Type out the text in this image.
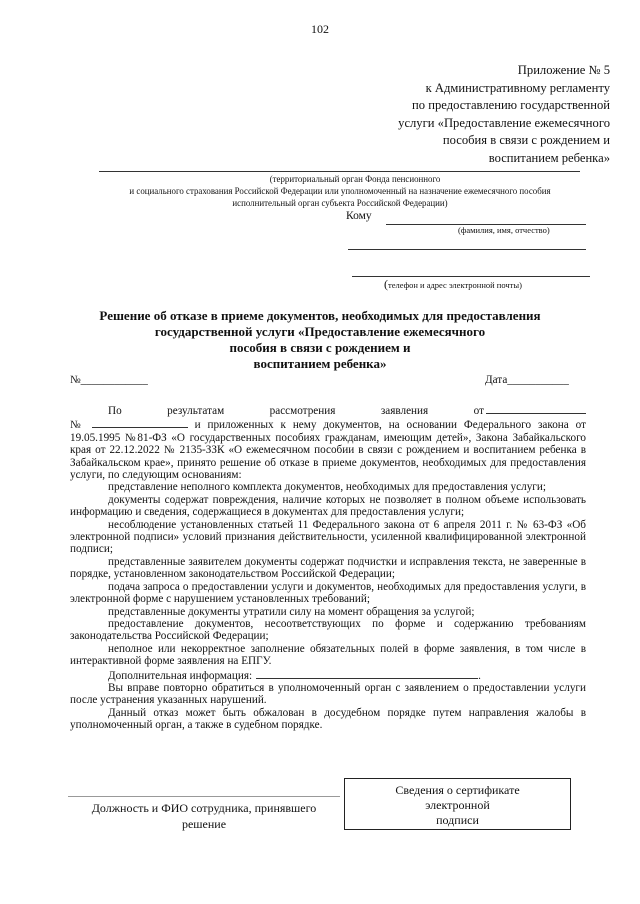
102
Приложение № 5
к Административному регламенту
по предоставлению государственной
услуги «Предоставление ежемесячного
пособия в связи с рождением и
воспитанием ребенка»
(территориальный орган Фонда пенсионного
и социального страхования Российской Федерации или уполномоченный на назначение ежемесячного пособия
исполнительный орган субъекта Российской Федерации)
Кому
(фамилия, имя, отчество)
(телефон и адрес электронной почты)
Решение об отказе в приеме документов, необходимых для предоставления
государственной услуги «Предоставление ежемесячного
пособия в связи с рождением и
воспитанием ребенка»
№____________	Дата___________

По результатам рассмотрения заявления от

№	и приложенных к нему документов, на основании Федерального закона от 19.05.1995 №81-ФЗ «О государственных пособиях гражданам, имеющим детей», Закона Забайкальского края от 22.12.2022 № 2135-ЗЗК «О ежемесячном пособии в связи с рождением и воспитанием ребенка в Забайкальском крае», принято решение об отказе в приеме документов, необходимых для предоставления услуги, по следующим основаниям:

представление неполного комплекта документов, необходимых для предоставления услуги;

документы содержат повреждения, наличие которых не позволяет в полном объеме использовать информацию и сведения, содержащиеся в документах для предоставления услуги;

несоблюдение установленных статьей 11 Федерального закона от 6 апреля 2011 г. № 63-ФЗ «Об электронной подписи» условий признания действительности, усиленной квалифицированной электронной подписи;

представленные заявителем документы содержат подчистки и исправления текста, не заверенные в порядке, установленном законодательством Российской Федерации;

подача запроса о предоставлении услуги и документов, необходимых для предоставления услуги, в электронной форме с нарушением установленных требований;

представленные документы утратили силу на момент обращения за услугой;

предоставление документов, несоответствующих по форме и содержанию требованиям законодательства Российской Федерации;

неполное или некорректное заполнение обязательных полей в форме заявления, в том числе в интерактивной форме заявления на ЕПГУ.

Дополнительная информация:	.

Вы вправе повторно обратиться в уполномоченный орган с заявлением о предоставлении услуги после устранения указанных нарушений.

Данный отказ может быть обжалован в досудебном порядке путем направления жалобы в уполномоченный орган, а также в судебном порядке.

Должность и ФИО сотрудника, принявшего
решение
Сведения о сертификате
электронной
подписи
